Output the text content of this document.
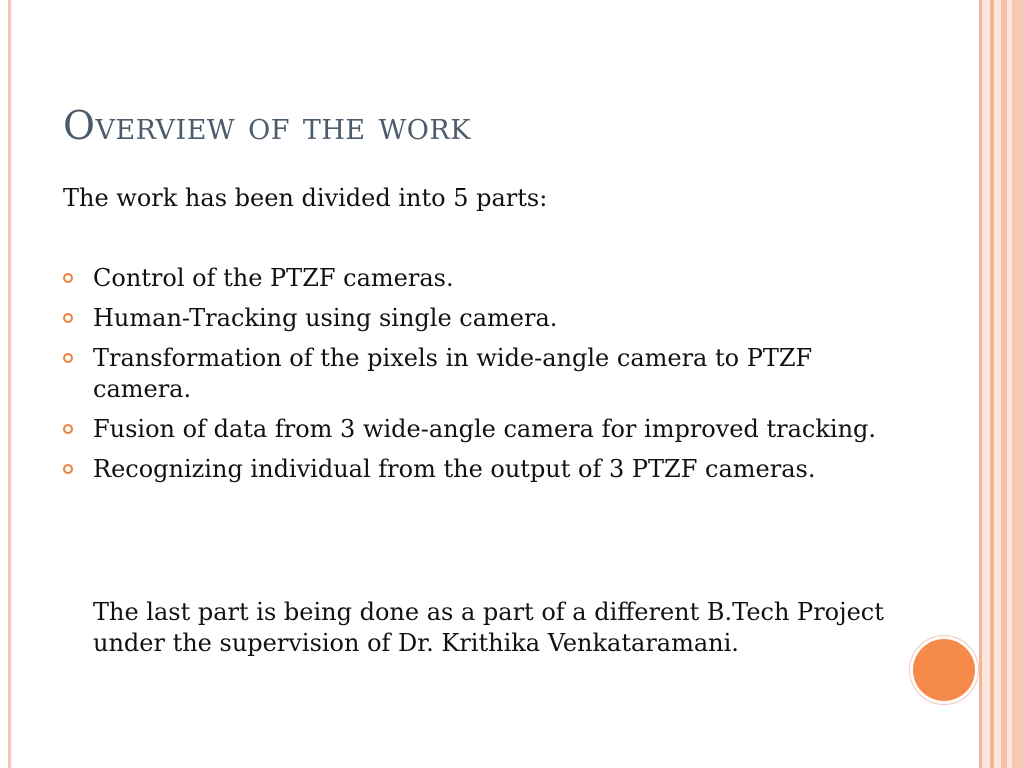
Overview of the work
The work has been divided into 5 parts:
Control of the PTZF cameras.
Human-Tracking using single camera.
Transformation of the pixels in wide-angle camera to PTZF camera.
Fusion of data from 3 wide-angle camera for improved tracking.
Recognizing individual from the output of 3 PTZF cameras.
The last part is being done as a part of a different B.Tech Project under the supervision of Dr. Krithika Venkataramani.
